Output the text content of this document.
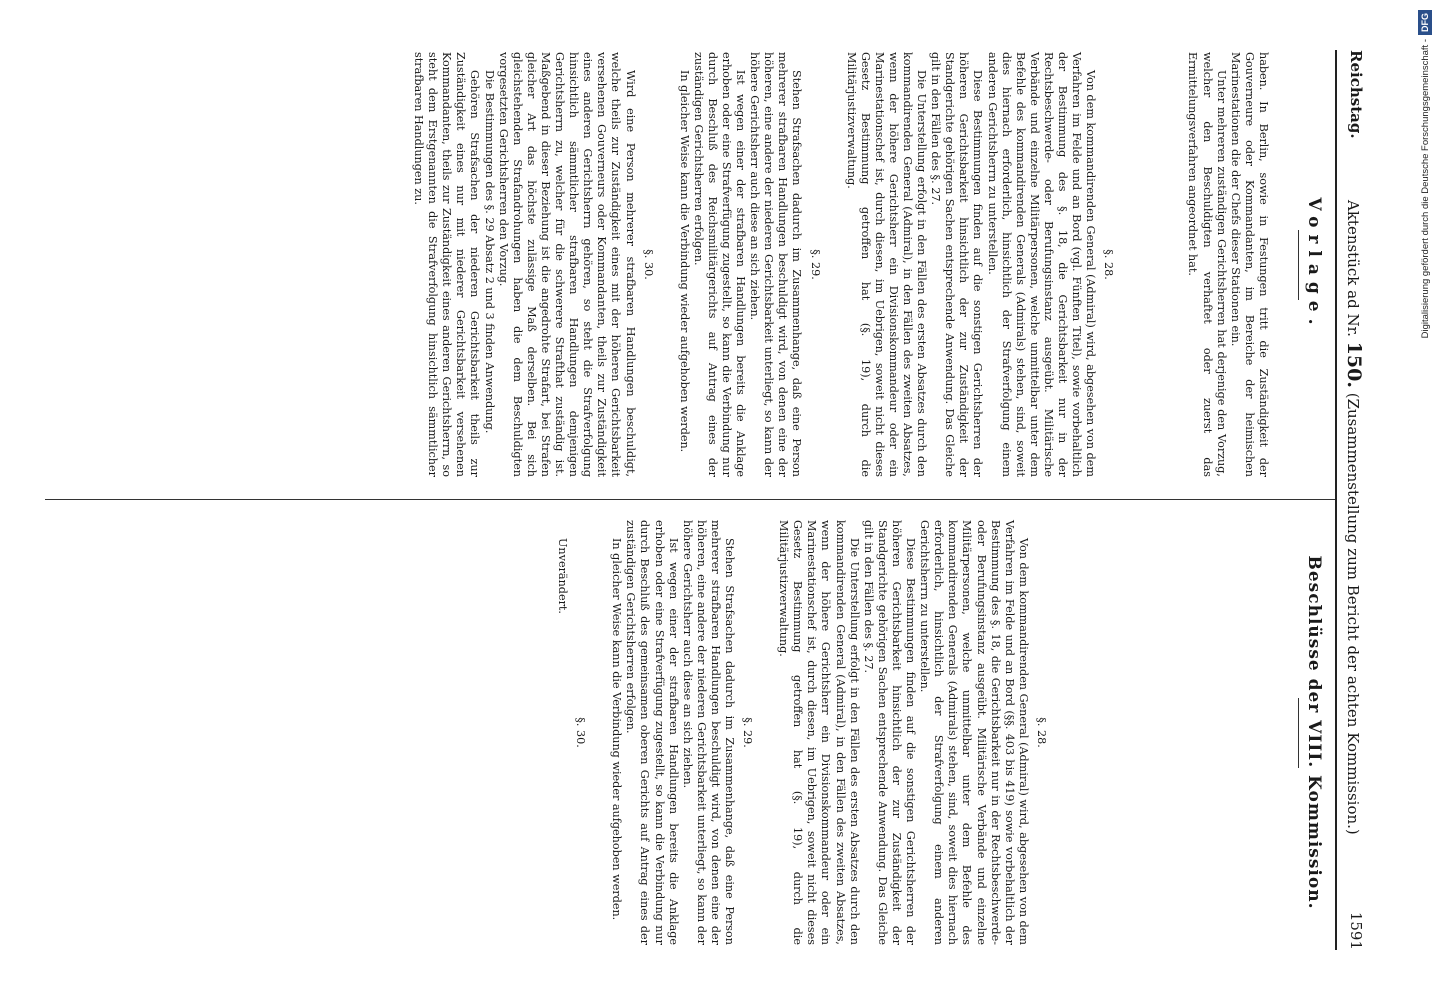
Reichstag.
Aktenstück ad Nr. 150. (Zusammenstellung zum Bericht der achten Kommission.)
1591
Vorlage.

haben. In Berlin, sowie in Festungen tritt die Zuständigkeit der Gouverneure oder Kommandanten, im Bereiche der heimischen Marinestationen die der Chefs dieser Stationen ein.

Unter mehreren zuständigen Gerichtsherren hat derjenige den Vorzug, welcher den Beschuldigten verhaftet oder zuerst das Ermittelungsverfahren angeordnet hat.

§. 28.

Von dem kommandirenden General (Admiral) wird, abgesehen von dem Verfahren im Felde und an Bord (vgl. Fünften Titel), sowie vorbehaltlich der Bestimmung des §. 18, die Gerichtsbarkeit nur in der Rechtsbeschwerde- oder Berufungsinstanz ausgeübt. Militärische Verbände und einzelne Militärpersonen, welche unmittelbar unter dem Befehle des kommandirenden Generals (Admirals) stehen, sind, soweit dies hiernach erforderlich, hinsichtlich der Strafverfolgung einem anderen Gerichtsherrn zu unterstellen.

Diese Bestimmungen finden auf die sonstigen Gerichtsherren der höheren Gerichtsbarkeit hinsichtlich der zur Zuständigkeit der Standgerichte gehörigen Sachen entsprechende Anwendung. Das Gleiche gilt in den Fällen des §. 27.

Die Unterstellung erfolgt in den Fällen des ersten Absatzes durch den kommandirenden General (Admiral), in den Fällen des zweiten Absatzes, wenn der höhere Gerichtsherr ein Divisionskommandeur oder ein Marinestationschef ist, durch diesen, im Uebrigen, soweit nicht dieses Gesetz Bestimmung getroffen hat (§. 19), durch die Militärjustizverwaltung.

§. 29.

Stehen Strafsachen dadurch im Zusammenhange, daß eine Person mehrerer strafbaren Handlungen beschuldigt wird, von denen eine der höheren, eine andere der niederen Gerichtsbarkeit unterliegt, so kann der höhere Gerichtsherr auch diese an sich ziehen.

Ist wegen einer der strafbaren Handlungen bereits die Anklage erhoben oder eine Strafverfügung zugestellt, so kann die Verbindung nur durch Beschluß des Reichsmilitärgerichts auf Antrag eines der zuständigen Gerichtsherren erfolgen.

In gleicher Weise kann die Verbindung wieder aufgehoben werden.

§. 30.

Wird eine Person mehrerer strafbaren Handlungen beschuldigt, welche theils zur Zuständigkeit eines mit der höheren Gerichtsbarkeit versehenen Gouverneurs oder Kommandanten, theils zur Zuständigkeit eines anderen Gerichtsherrn gehören, so steht die Strafverfolgung hinsichtlich sämmtlicher strafbaren Handlungen demjenigen Gerichtsherrn zu, welcher für die schwerere Strafthat zuständig ist. Maßgebend in dieser Beziehung ist die angedrohte Strafart, bei Strafen gleicher Art das höchste zulässige Maß derselben. Bei sich gleichstehenden Strafandrohungen haben die dem Beschuldigten vorgesetzten Gerichtsherren den Vorzug.

Die Bestimmungen des §. 29 Absatz 2 und 3 finden Anwendung.

Gehören Strafsachen der niederen Gerichtsbarkeit theils zur Zuständigkeit eines nur mit niederer Gerichtsbarkeit versehenen Kommandanten, theils zur Zuständigkeit eines anderen Gerichtsherrn, so steht dem Erstgenannten die Strafverfolgung hinsichtlich sämmtlicher strafbaren Handlungen zu.

Beschlüsse der VIII. Kommission.
§. 28.

Von dem kommandirenden General (Admiral) wird, abgesehen von dem Verfahren im Felde und an Bord (§§. 403 bis 419) sowie vorbehaltlich der Bestimmung des §. 18, die Gerichtsbarkeit nur in der Rechtsbeschwerde- oder Berufungsinstanz ausgeübt. Militärische Verbände und einzelne Militärpersonen, welche unmittelbar unter dem Befehle des kommandirenden Generals (Admirals) stehen, sind, soweit dies hiernach erforderlich, hinsichtlich der Strafverfolgung einem anderen Gerichtsherrn zu unterstellen.

Diese Bestimmungen finden auf die sonstigen Gerichtsherren der höheren Gerichtsbarkeit hinsichtlich der zur Zuständigkeit der Standgerichte gehörigen Sachen entsprechende Anwendung. Das Gleiche gilt in den Fällen des §. 27.

Die Unterstellung erfolgt in den Fällen des ersten Absatzes durch den kommandirenden General (Admiral), in den Fällen des zweiten Absatzes, wenn der höhere Gerichtsherr ein Divisionskommandeur oder ein Marinestationschef ist, durch diesen, im Uebrigen, soweit nicht dieses Gesetz Bestimmung getroffen hat (§. 19), durch die Militärjustizverwaltung.

§. 29.

Stehen Strafsachen dadurch im Zusammenhange, daß eine Person mehrerer strafbaren Handlungen beschuldigt wird, von denen eine der höheren, eine andere der niederen Gerichtsbarkeit unterliegt, so kann der höhere Gerichtsherr auch diese an sich ziehen.

Ist wegen einer der strafbaren Handlungen bereits die Anklage erhoben oder eine Strafverfügung zugestellt, so kann die Verbindung nur durch Beschluß des gemeinsamen oberen Gerichts auf Antrag eines der zuständigen Gerichtsherren erfolgen.

In gleicher Weise kann die Verbindung wieder aufgehoben werden.

§. 30.

Unverändert.

Digitalisierung gefördert durch die Deutsche Forschungsgemeinschaft -DFG
